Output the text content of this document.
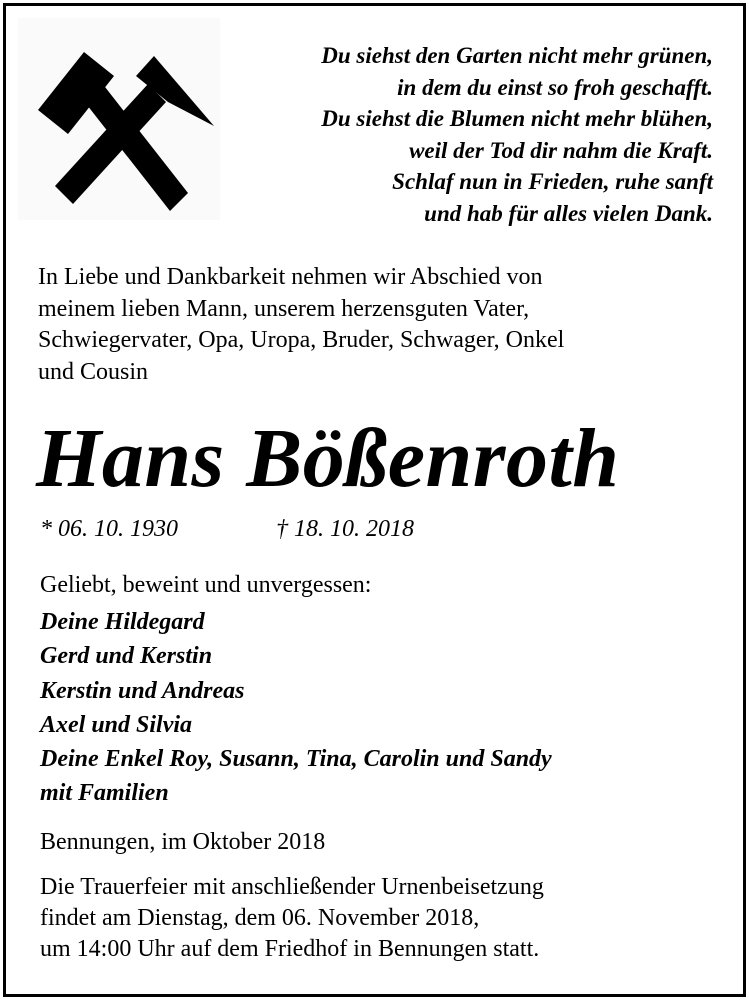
Du siehst den Garten nicht mehr grünen,
in dem du einst so froh geschafft.
Du siehst die Blumen nicht mehr blühen,
weil der Tod dir nahm die Kraft.
Schlaf nun in Frieden, ruhe sanft
und hab für alles vielen Dank.
In Liebe und Dankbarkeit nehmen wir Abschied von
meinem lieben Mann, unserem herzensguten Vater,
Schwiegervater, Opa, Uropa, Bruder, Schwager, Onkel
und Cousin
Hans Bößenroth
* 06. 10. 1930	† 18. 10. 2018
Geliebt, beweint und unvergessen:
Deine Hildegard
Gerd und Kerstin
Kerstin und Andreas
Axel und Silvia
Deine Enkel Roy, Susann, Tina, Carolin und Sandy
mit Familien
Bennungen, im Oktober 2018
Die Trauerfeier mit anschließender Urnenbeisetzung
findet am Dienstag, dem 06. November 2018,
um 14:00 Uhr auf dem Friedhof in Bennungen statt.
